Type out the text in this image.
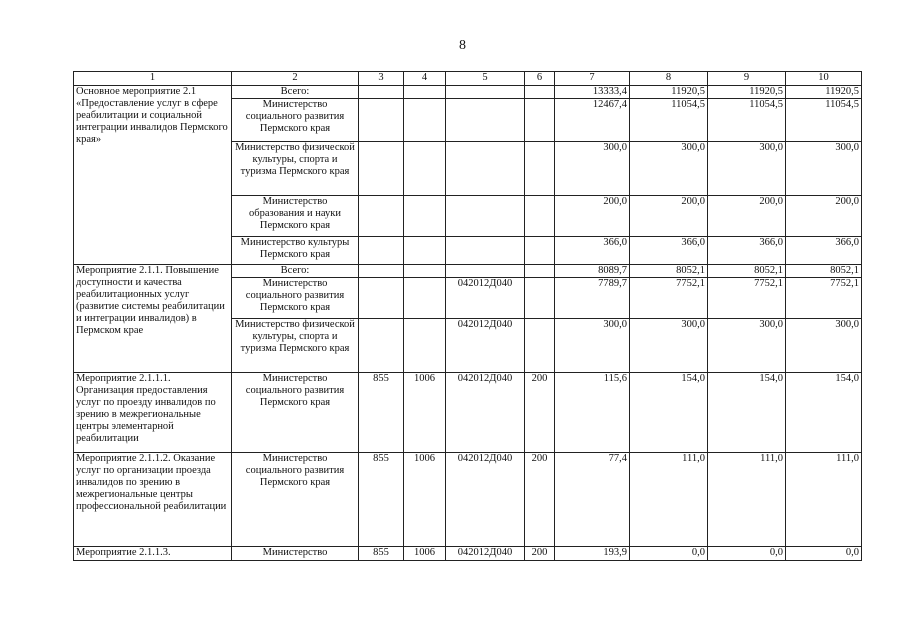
8
1	2	3	4	5	6	7	8	9	10
Основное мероприятие 2.1 «Предоставление услуг в сфере реабилитации и социальной интеграции инвалидов Пермского края»	Всего:					13333,4	11920,5	11920,5	11920,5
	Министерство социального развития Пермского края					12467,4	11054,5	11054,5	11054,5
	Министерство физической культуры, спорта и туризма Пермского края					300,0	300,0	300,0	300,0
	Министерство образования и науки Пермского края					200,0	200,0	200,0	200,0
	Министерство культуры Пермского края					366,0	366,0	366,0	366,0
Мероприятие 2.1.1. Повышение доступности и качества реабилитационных услуг (развитие системы реабилитации и интеграции инвалидов) в Пермском крае	Всего:					8089,7	8052,1	8052,1	8052,1
	Министерство социального развития Пермского края			042012Д040		7789,7	7752,1	7752,1	7752,1
	Министерство физической культуры, спорта и туризма Пермского края			042012Д040		300,0	300,0	300,0	300,0
Мероприятие 2.1.1.1. Организация предоставления услуг по проезду инвалидов по зрению в межрегиональные центры элементарной реабилитации	Министерство социального развития Пермского края	855	1006	042012Д040	200	115,6	154,0	154,0	154,0
Мероприятие 2.1.1.2. Оказание услуг по организации проезда инвалидов по зрению в межрегиональные центры профессиональной реабилитации	Министерство социального развития Пермского края	855	1006	042012Д040	200	77,4	111,0	111,0	111,0
Мероприятие 2.1.1.3.	Министерство	855	1006	042012Д040	200	193,9	0,0	0,0	0,0
